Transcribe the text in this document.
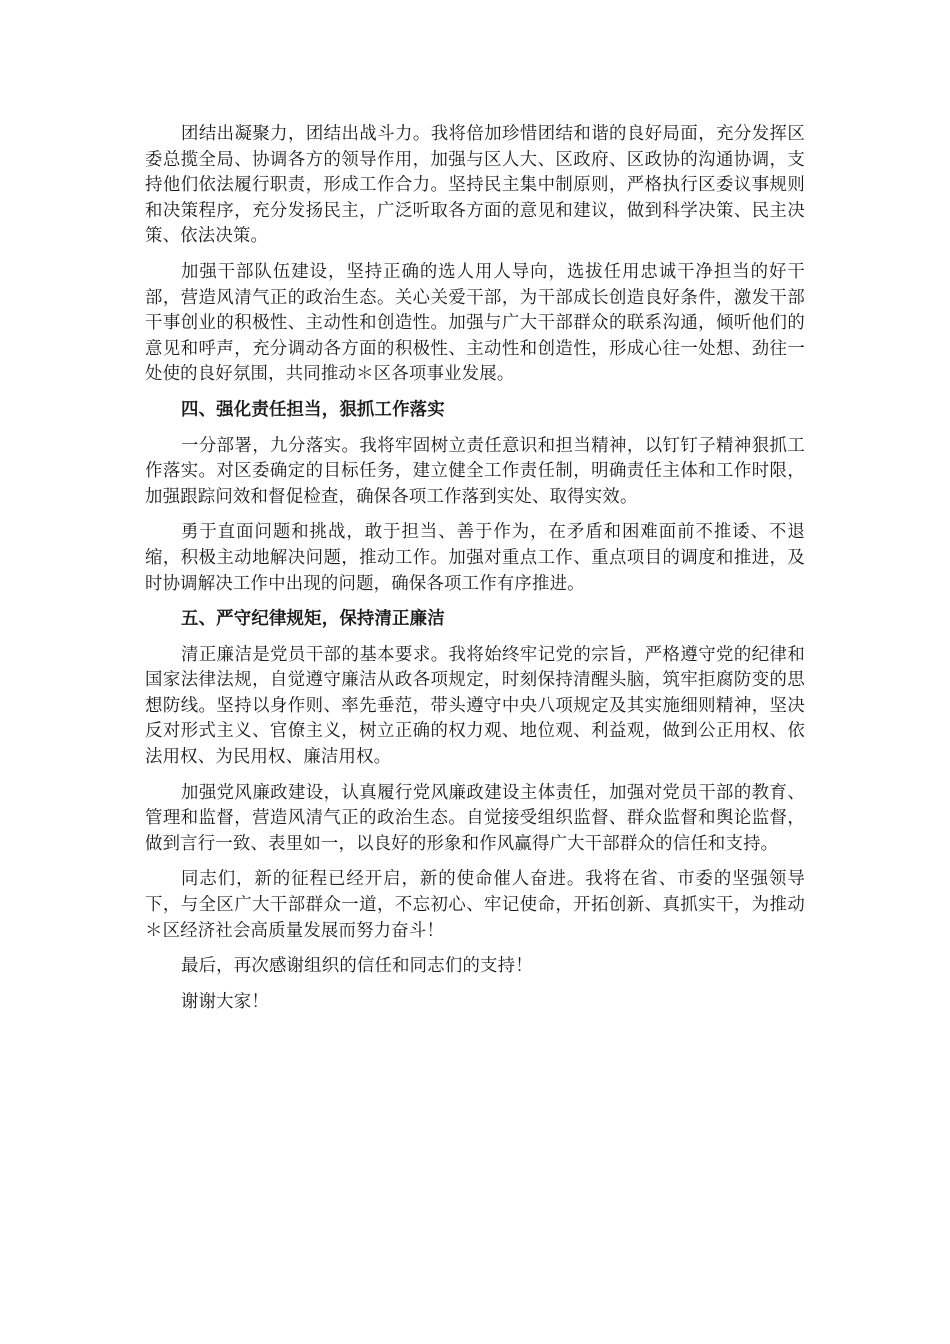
团结出凝聚力，团结出战斗力。我将倍加珍惜团结和谐的良好局面，充分发挥区委总揽全局、协调各方的领导作用，加强与区人大、区政府、区政协的沟通协调，支持他们依法履行职责，形成工作合力。坚持民主集中制原则，严格执行区委议事规则和决策程序，充分发扬民主，广泛听取各方面的意见和建议，做到科学决策、民主决策、依法决策。

加强干部队伍建设，坚持正确的选人用人导向，选拔任用忠诚干净担当的好干部，营造风清气正的政治生态。关心关爱干部，为干部成长创造良好条件，激发干部干事创业的积极性、主动性和创造性。加强与广大干部群众的联系沟通，倾听他们的意见和呼声，充分调动各方面的积极性、主动性和创造性，形成心往一处想、劲往一处使的良好氛围，共同推动＊区各项事业发展。

四、强化责任担当，狠抓工作落实

一分部署，九分落实。我将牢固树立责任意识和担当精神，以钉钉子精神狠抓工作落实。对区委确定的目标任务，建立健全工作责任制，明确责任主体和工作时限，加强跟踪问效和督促检查，确保各项工作落到实处、取得实效。

勇于直面问题和挑战，敢于担当、善于作为，在矛盾和困难面前不推诿、不退缩，积极主动地解决问题，推动工作。加强对重点工作、重点项目的调度和推进，及时协调解决工作中出现的问题，确保各项工作有序推进。

五、严守纪律规矩，保持清正廉洁

清正廉洁是党员干部的基本要求。我将始终牢记党的宗旨，严格遵守党的纪律和国家法律法规，自觉遵守廉洁从政各项规定，时刻保持清醒头脑，筑牢拒腐防变的思想防线。坚持以身作则、率先垂范，带头遵守中央八项规定及其实施细则精神，坚决反对形式主义、官僚主义，树立正确的权力观、地位观、利益观，做到公正用权、依法用权、为民用权、廉洁用权。

加强党风廉政建设，认真履行党风廉政建设主体责任，加强对党员干部的教育、管理和监督，营造风清气正的政治生态。自觉接受组织监督、群众监督和舆论监督，做到言行一致、表里如一，以良好的形象和作风赢得广大干部群众的信任和支持。

同志们，新的征程已经开启，新的使命催人奋进。我将在省、市委的坚强领导下，与全区广大干部群众一道，不忘初心、牢记使命，开拓创新、真抓实干，为推动＊区经济社会高质量发展而努力奋斗！

最后，再次感谢组织的信任和同志们的支持！

谢谢大家！
